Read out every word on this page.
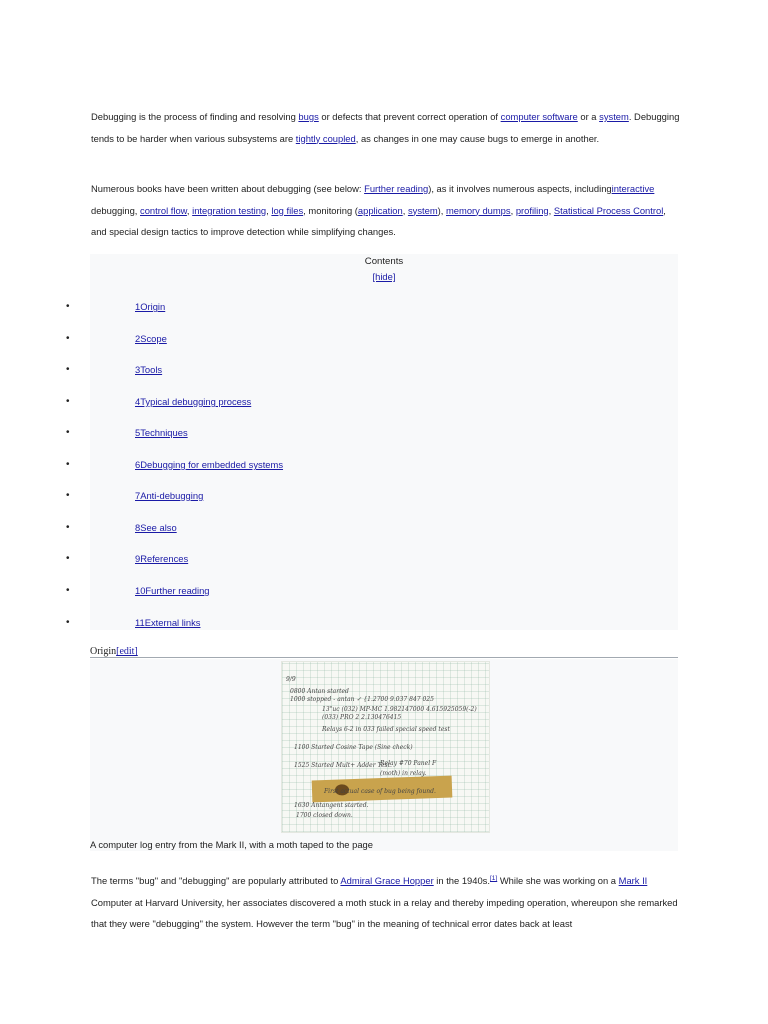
Debugging is the process of finding and resolving bugs or defects that prevent correct operation of computer software or a system. Debugging tends to be harder when various subsystems are tightly coupled, as changes in one may cause bugs to emerge in another.

Numerous books have been written about debugging (see below: Further reading), as it involves numerous aspects, includinginteractive debugging, control flow, integration testing, log files, monitoring (application, system), memory dumps, profiling, Statistical Process Control, and special design tactics to improve detection while simplifying changes.

Contents
[hide]
•	1Origin
•	2Scope
•	3Tools
•	4Typical debugging process
•	5Techniques
•	6Debugging for embedded systems
•	7Anti-debugging
•	8See also
•	9References
•	10Further reading
•	11External links
Origin[edit]
9/9
0800 Antan started
1000 stopped - antan ✓ {1.2700 9.037 847 025
13"uc (032) MP-MC 1.982147000 4.615925059(-2)
(033) PRO 2 2.130476415
Relays 6-2 in 033 failed special speed test
1100 Started Cosine Tape (Sine check)
1525 Started Mult+ Adder Test.
Relay #70 Panel F
(moth) in relay.
First actual case of bug being found.
1630 Antangent started.
1700 closed down.
A computer log entry from the Mark II, with a moth taped to the page

The terms "bug" and "debugging" are popularly attributed to Admiral Grace Hopper in the 1940s.[1] While she was working on a Mark II Computer at Harvard University, her associates discovered a moth stuck in a relay and thereby impeding operation, whereupon she remarked that they were "debugging" the system. However the term "bug" in the meaning of technical error dates back at least
